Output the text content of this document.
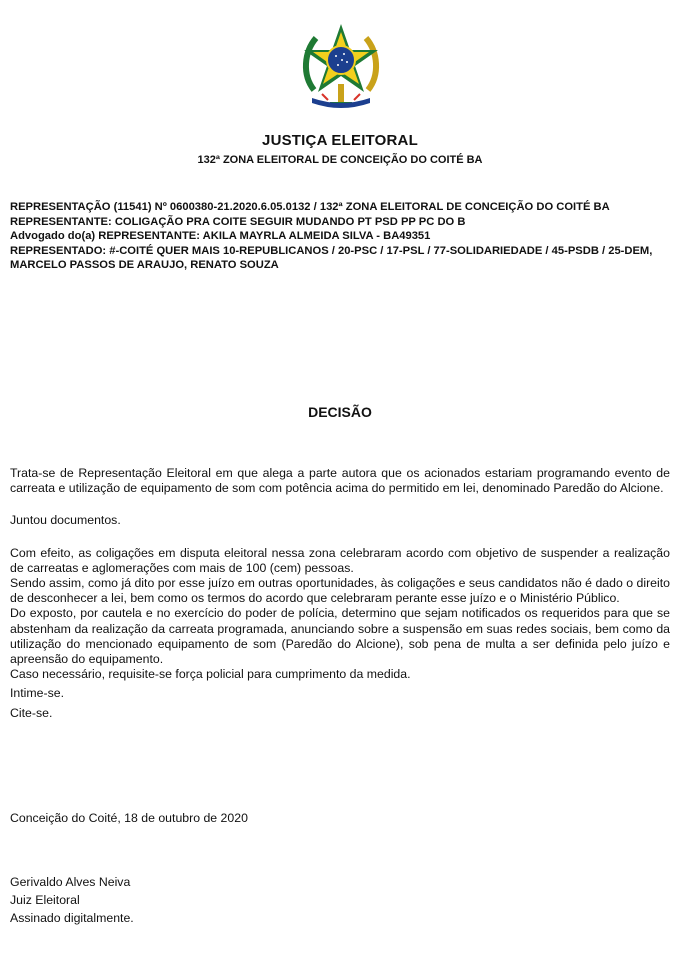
JUSTIÇA ELEITORAL
132ª ZONA ELEITORAL DE CONCEIÇÃO DO COITÉ BA

REPRESENTAÇÃO (11541) Nº 0600380-21.2020.6.05.0132 / 132ª ZONA ELEITORAL DE CONCEIÇÃO DO COITÉ BA

REPRESENTANTE: COLIGAÇÃO PRA COITE SEGUIR MUDANDO PT PSD PP PC DO B

Advogado do(a) REPRESENTANTE: AKILA MAYRLA ALMEIDA SILVA - BA49351

REPRESENTADO: #-COITÉ QUER MAIS 10-REPUBLICANOS / 20-PSC / 17-PSL / 77-SOLIDARIEDADE / 45-PSDB / 25-DEM, MARCELO PASSOS DE ARAUJO, RENATO SOUZA

DECISÃO

Trata-se de Representação Eleitoral em que alega a parte autora que os acionados estariam programando evento de carreata e utilização de equipamento de som com potência acima do permitido em lei, denominado Paredão do Alcione.

Juntou documentos.

Com efeito, as coligações em disputa eleitoral nessa zona celebraram acordo com objetivo de suspender a realização de carreatas e aglomerações com mais de 100 (cem) pessoas.

Sendo assim, como já dito por esse juízo em outras oportunidades, às coligações e seus candidatos não é dado o direito de desconhecer a lei, bem como os termos do acordo que celebraram perante esse juízo e o Ministério Público.

Do exposto, por cautela e no exercício do poder de polícia, determino que sejam notificados os requeridos para que se abstenham da realização da carreata programada, anunciando sobre a suspensão em suas redes sociais, bem como da utilização do mencionado equipamento de som (Paredão do Alcione), sob pena de multa a ser definida pelo juízo e apreensão do equipamento.

Caso necessário, requisite-se força policial para cumprimento da medida.

Intime-se.

Cite-se.

Conceição do Coité, 18 de outubro de 2020

Gerivaldo Alves Neiva

Juiz Eleitoral

Assinado digitalmente.
